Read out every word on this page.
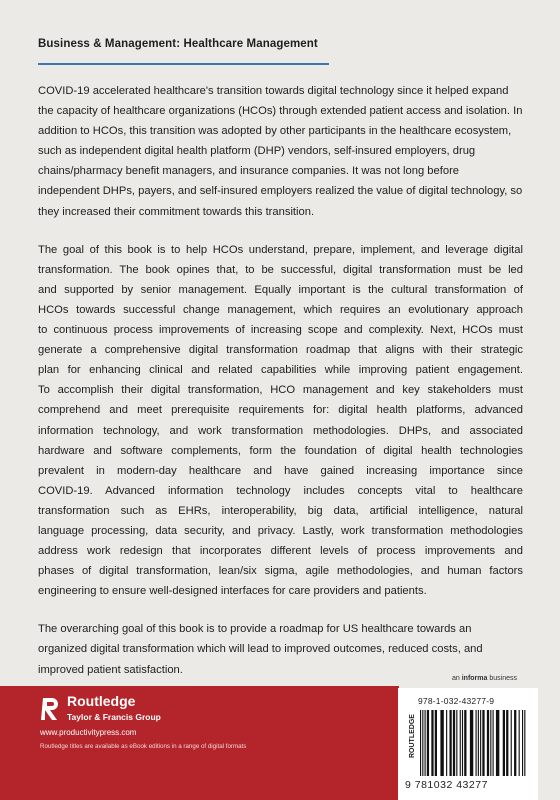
Business & Management: Healthcare Management

COVID-19 accelerated healthcare's transition towards digital technology since it helped expand the capacity of healthcare organizations (HCOs) through extended patient access and isolation. In addition to HCOs, this transition was adopted by other participants in the healthcare ecosystem, such as independent digital health platform (DHP) vendors, self-insured employers, drug chains/pharmacy benefit managers, and insurance companies. It was not long before independent DHPs, payers, and self-insured employers realized the value of digital technology, so they increased their commitment towards this transition.

The goal of this book is to help HCOs understand, prepare, implement, and leverage digital
transformation. The book opines that, to be successful, digital transformation must be led
and supported by senior management. Equally important is the cultural transformation of
HCOs towards successful change management, which requires an evolutionary approach
to continuous process improvements of increasing scope and complexity. Next, HCOs must
generate a comprehensive digital transformation roadmap that aligns with their strategic
plan for enhancing clinical and related capabilities while improving patient engagement.
To accomplish their digital transformation, HCO management and key stakeholders must
comprehend and meet prerequisite requirements for: digital health platforms, advanced
information technology, and work transformation methodologies. DHPs, and associated
hardware and software complements, form the foundation of digital health technologies
prevalent in modern-day healthcare and have gained increasing importance since
COVID-19. Advanced information technology includes concepts vital to healthcare
transformation such as EHRs, interoperability, big data, artificial intelligence, natural
language processing, data security, and privacy. Lastly, work transformation methodologies
address work redesign that incorporates different levels of process improvements and
phases of digital transformation, lean/six sigma, agile methodologies, and human factors
engineering to ensure well-designed interfaces for care providers and patients.

The overarching goal of this book is to provide a roadmap for US healthcare towards an organized digital transformation which will lead to improved outcomes, reduced costs, and improved patient satisfaction.

an informa business
Routledge
Taylor & Francis Group
www.productivitypress.com
Routledge titles are available as eBook editions in a range of digital formats
978-1-032-43277-9
ROUTLEDGE
9 781032 43277
